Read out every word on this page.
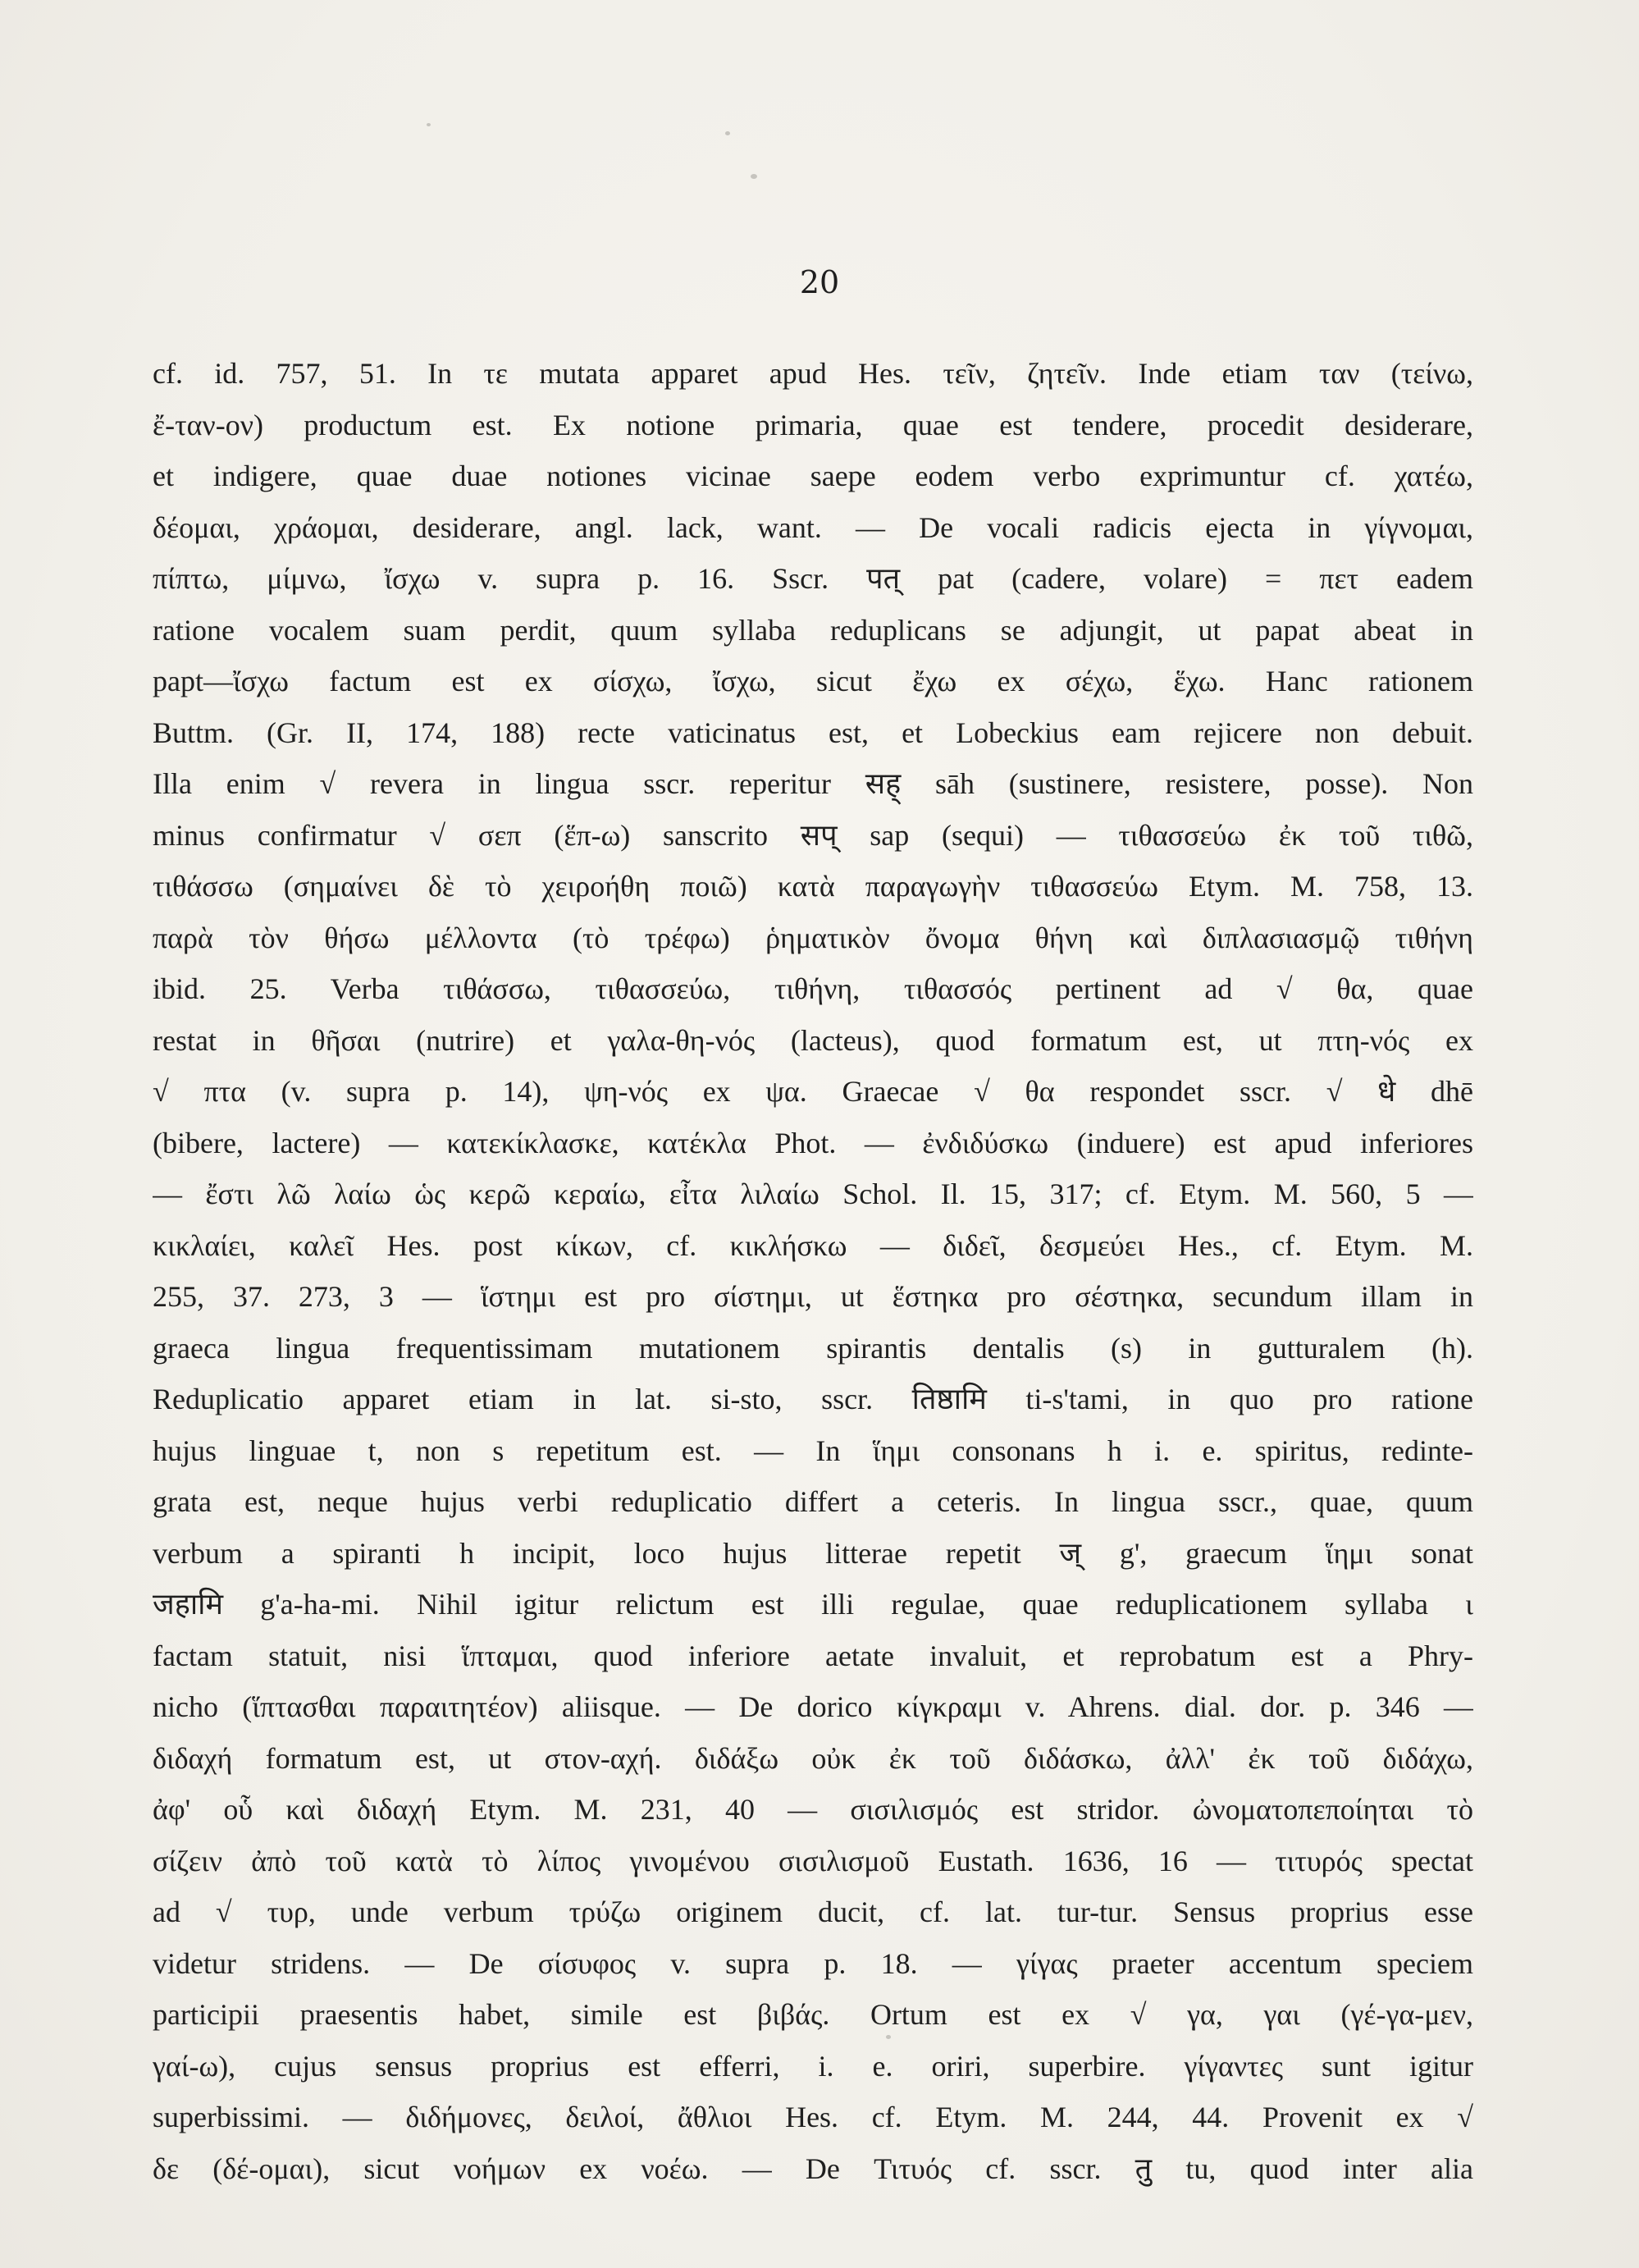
20
cf. id. 757, 51. In τε mutata apparet apud Hes. τεῖν, ζητεῖν. Inde etiam ταν (τείνω,
ἔ-ταν-ον) productum est. Ex notione primaria, quae est tendere, procedit desiderare,
et indigere, quae duae notiones vicinae saepe eodem verbo exprimuntur cf. χατέω,
δέομαι, χράομαι, desiderare, angl. lack, want. — De vocali radicis ejecta in γίγνομαι,
πίπτω, μίμνω, ἴσχω v. supra p. 16. Sscr. पत् pat (cadere, volare) = πετ eadem
ratione vocalem suam perdit, quum syllaba reduplicans se adjungit, ut papat abeat in
papt—ἴσχω factum est ex σίσχω, ἴσχω, sicut ἔχω ex σέχω, ἕχω. Hanc rationem
Buttm. (Gr. II, 174, 188) recte vaticinatus est, et Lobeckius eam rejicere non debuit.
Illa enim √ revera in lingua sscr. reperitur सह् sāh (sustinere, resistere, posse). Non
minus confirmatur √ σεπ (ἕπ-ω) sanscrito सप् sap (sequi) — τιθασσεύω ἐκ τοῦ τιθῶ,
τιθάσσω (σημαίνει δὲ τὸ χειροήθη ποιῶ) κατὰ παραγωγὴν τιθασσεύω Etym. M. 758, 13.
παρὰ τὸν θήσω μέλλοντα (τὸ τρέφω) ῥηματικὸν ὄνομα θήνη καὶ διπλασιασμῷ τιθήνη
ibid. 25. Verba τιθάσσω, τιθασσεύω, τιθήνη, τιθασσός pertinent ad √ θα, quae
restat in θῆσαι (nutrire) et γαλα-θη-νός (lacteus), quod formatum est, ut πτη-νός ex
√ πτα (v. supra p. 14), ψη-νός ex ψα. Graecae √ θα respondet sscr. √ धे dhē
(bibere, lactere) — κατεκίκλασκε, κατέκλα Phot. — ἐνδιδύσκω (induere) est apud inferiores
— ἔστι λῶ λαίω ὡς κερῶ κεραίω, εἶτα λιλαίω Schol. Il. 15, 317; cf. Etym. M. 560, 5 —
κικλαίει, καλεῖ Hes. post κίκων, cf. κικλήσκω — διδεῖ, δεσμεύει Hes., cf. Etym. M.
255, 37. 273, 3 — ἵστημι est pro σίστημι, ut ἕστηκα pro σέστηκα, secundum illam in
graeca lingua frequentissimam mutationem spirantis dentalis (s) in gutturalem (h).
Reduplicatio apparet etiam in lat. si-sto, sscr. तिष्ठामि ti-s'tami, in quo pro ratione
hujus linguae t, non s repetitum est. — In ἵημι consonans h i. e. spiritus, redinte-
grata est, neque hujus verbi reduplicatio differt a ceteris. In lingua sscr., quae, quum
verbum a spiranti h incipit, loco hujus litterae repetit ज् g', graecum ἵημι sonat
जहामि g'a-ha-mi. Nihil igitur relictum est illi regulae, quae reduplicationem syllaba ι
factam statuit, nisi ἵπταμαι, quod inferiore aetate invaluit, et reprobatum est a Phry-
nicho (ἵπτασθαι παραιτητέον) aliisque. — De dorico κίγκραμι v. Ahrens. dial. dor. p. 346 —
διδαχή formatum est, ut στον-αχή. διδάξω οὐκ ἐκ τοῦ διδάσκω, ἀλλ' ἐκ τοῦ διδάχω,
ἀφ' οὗ καὶ διδαχή Etym. M. 231, 40 — σισιλισμός est stridor. ὠνοματοπεποίηται τὸ
σίζειν ἀπὸ τοῦ κατὰ τὸ λίπος γινομένου σισιλισμοῦ Eustath. 1636, 16 — τιτυρός spectat
ad √ τυρ, unde verbum τρύζω originem ducit, cf. lat. tur-tur. Sensus proprius esse
videtur stridens. — De σίσυφος v. supra p. 18. — γίγας praeter accentum speciem
participii praesentis habet, simile est βιβάς. Ortum est ex √ γα, γαι (γέ-γα-μεν,
γαί-ω), cujus sensus proprius est efferri, i. e. oriri, superbire. γίγαντες sunt igitur
superbissimi. — διδήμονες, δειλοί, ἄθλιοι Hes. cf. Etym. M. 244, 44. Provenit ex √
δε (δέ-ομαι), sicut νοήμων ex νοέω. — De Τιτυός cf. sscr. तु tu, quod inter alia
